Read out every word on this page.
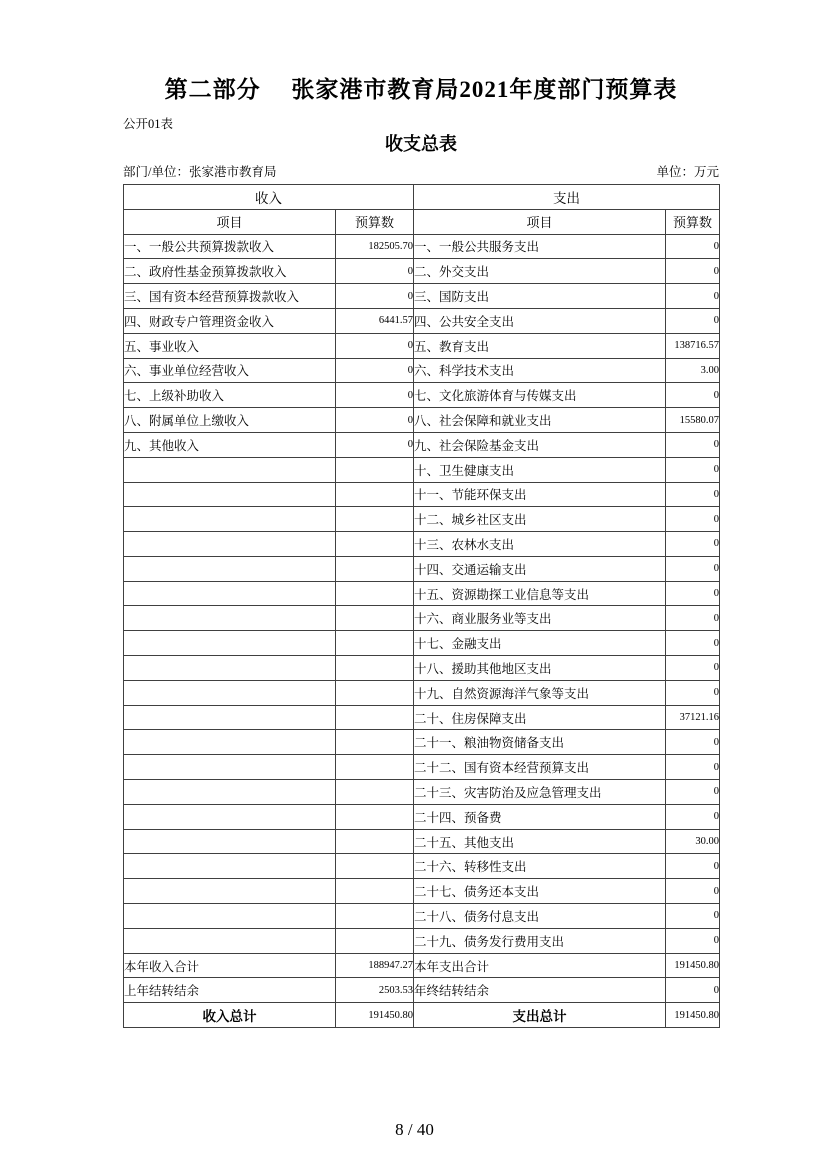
第二部分　 张家港市教育局2021年度部门预算表
公开01表
收支总表
部门/单位：张家港市教育局	单位：万元
收入		支出	
项目	预算数	项目	预算数
一、一般公共预算拨款收入	182505.70	一、一般公共服务支出	0
二、政府性基金预算拨款收入	0	二、外交支出	0
三、国有资本经营预算拨款收入	0	三、国防支出	0
四、财政专户管理资金收入	6441.57	四、公共安全支出	0
五、事业收入	0	五、教育支出	138716.57
六、事业单位经营收入	0	六、科学技术支出	3.00
七、上级补助收入	0	七、文化旅游体育与传媒支出	0
八、附属单位上缴收入	0	八、社会保障和就业支出	15580.07
九、其他收入	0	九、社会保险基金支出	0
		十、卫生健康支出	0
		十一、节能环保支出	0
		十二、城乡社区支出	0
		十三、农林水支出	0
		十四、交通运输支出	0
		十五、资源勘探工业信息等支出	0
		十六、商业服务业等支出	0
		十七、金融支出	0
		十八、援助其他地区支出	0
		十九、自然资源海洋气象等支出	0
		二十、住房保障支出	37121.16
		二十一、粮油物资储备支出	0
		二十二、国有资本经营预算支出	0
		二十三、灾害防治及应急管理支出	0
		二十四、预备费	0
		二十五、其他支出	30.00
		二十六、转移性支出	0
		二十七、债务还本支出	0
		二十八、债务付息支出	0
		二十九、债务发行费用支出	0
本年收入合计	188947.27	本年支出合计	191450.80
上年结转结余	2503.53	年终结转结余	0
收入总计	191450.80	支出总计	191450.80
8 / 40
